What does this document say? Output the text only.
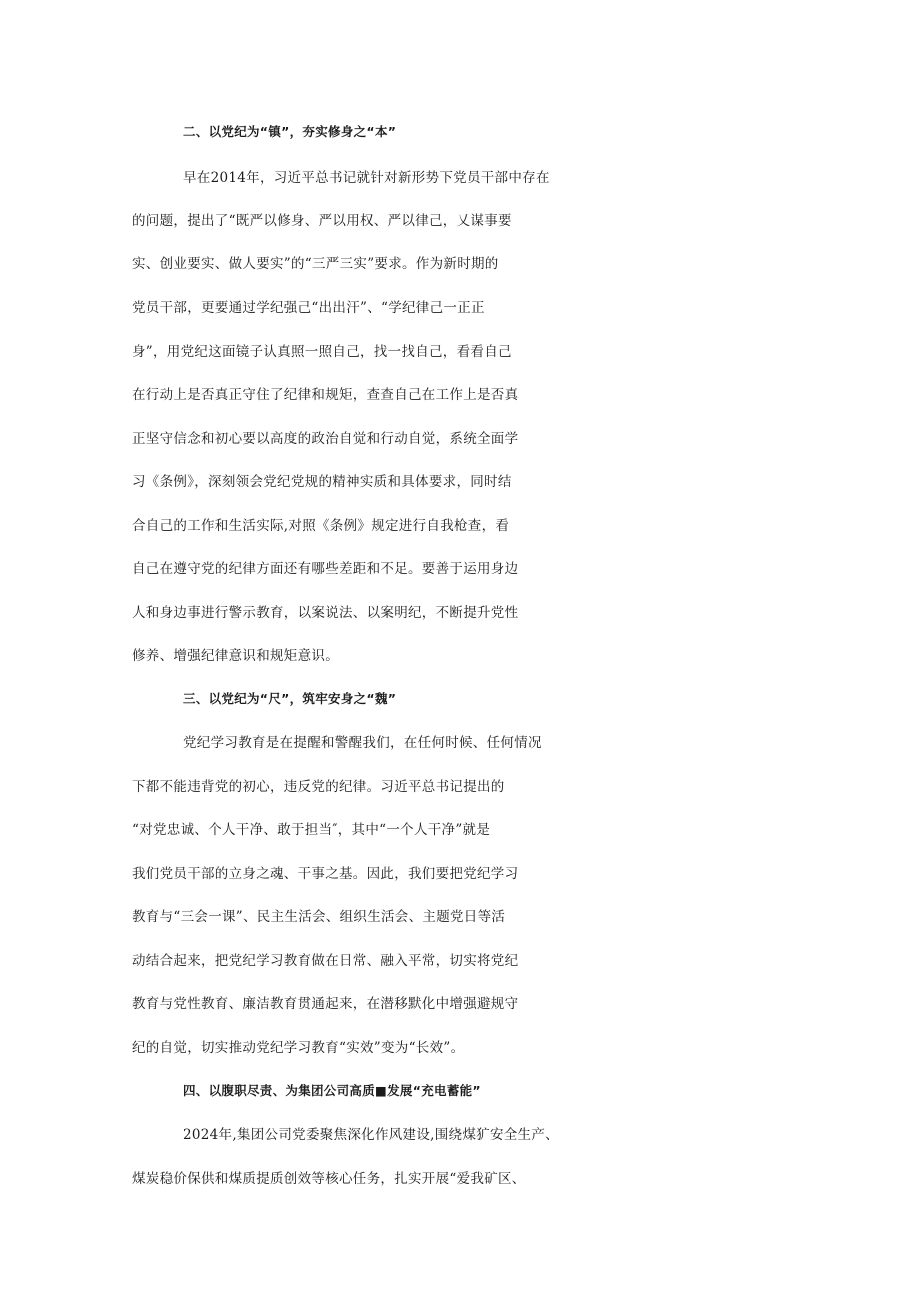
二、以党纪为“镇”，夯实修身之“本”
早在2014年，习近平总书记就针对新形势下党员干部中存在
的问题，提出了“既严以修身、严以用权、严以律己，乂谋事要
实、创业要实、做人要实”的“三严三实”要求。作为新时期的
党员干部，更要通过学纪强己“出出汗”、“学纪律己一正正
身”，用党纪这面镜子认真照一照自己，找一找自己，看看自己
在行动上是否真正守住了纪律和规矩，查查自己在工作上是否真
正坚守信念和初心要以高度的政治自觉和行动自觉，系统全面学
习《条例》，深刻领会党纪党规的精神实质和具体要求，同时结
合自己的工作和生活实际,对照《条例》规定进行自我枪查，看
自己在遵守党的纪律方面还有哪些差距和不足。要善于运用身边
人和身边事进行警示教育，以案说法、以案明纪，不断提升党性
修养、增强纪律意识和规矩意识。
三、以党纪为“尺”，筑牢安身之“魏”
党纪学习教育是在提醒和警醒我们，在任何时候、任何情况
下都不能违背党的初心，违反党的纪律。习近平总书记提出的
“对党忠诚、个人干净、敢于担当″，其中“一个人干净”就是
我们党员干部的立身之魂、干事之基。因此，我们要把党纪学习
教育与“三会一课”、民主生活会、组织生活会、主题党日等活
动结合起来，把党纪学习教育做在日常、融入平常，切实将党纪
教育与党性教育、廉洁教育贯通起来，在潜移默化中增强避规守
纪的自觉，切实推动党纪学习教育“实效”变为“长效”。
四、以腹职尽责、为集团公司高质■发展“充电蓄能”
2024年,集团公司党委聚焦深化作风建设,围绕煤犷安全生产、
煤炭稳价保供和煤质提质创效等核心任务，扎实开展“爱我矿区、
